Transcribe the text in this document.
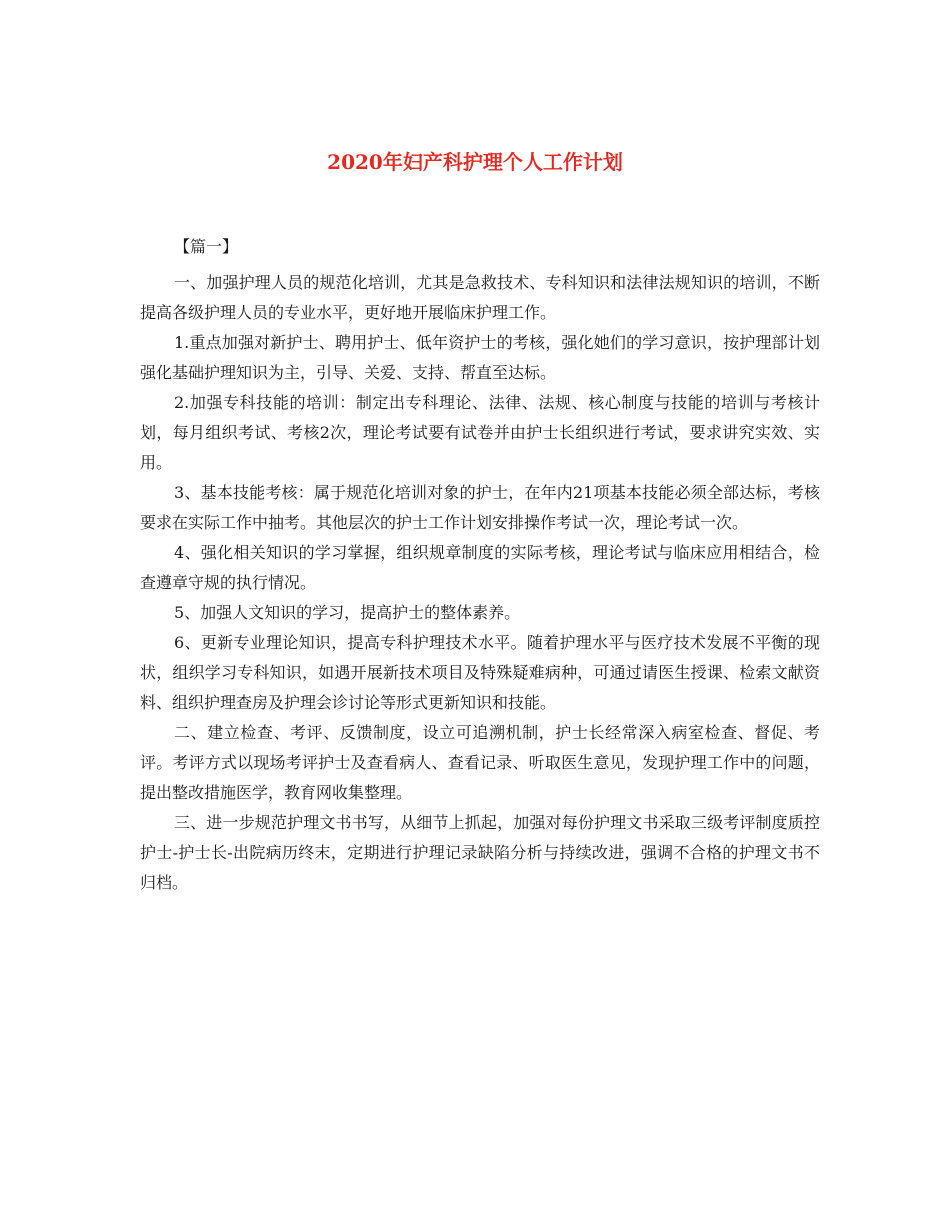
2020年妇产科护理个人工作计划

【篇一】

一、加强护理人员的规范化培训，尤其是急救技术、专科知识和法律法规知识的培训，不断提高各级护理人员的专业水平，更好地开展临床护理工作。

1.重点加强对新护士、聘用护士、低年资护士的考核，强化她们的学习意识，按护理部计划强化基础护理知识为主，引导、关爱、支持、帮直至达标。

2.加强专科技能的培训：制定出专科理论、法律、法规、核心制度与技能的培训与考核计划，每月组织考试、考核2次，理论考试要有试卷并由护士长组织进行考试，要求讲究实效、实用。

3、基本技能考核：属于规范化培训对象的护士，在年内21项基本技能必须全部达标，考核要求在实际工作中抽考。其他层次的护士工作计划安排操作考试一次，理论考试一次。

4、强化相关知识的学习掌握，组织规章制度的实际考核，理论考试与临床应用相结合，检查遵章守规的执行情况。

5、加强人文知识的学习，提高护士的整体素养。

6、更新专业理论知识，提高专科护理技术水平。随着护理水平与医疗技术发展不平衡的现状，组织学习专科知识，如遇开展新技术项目及特殊疑难病种，可通过请医生授课、检索文献资料、组织护理查房及护理会诊讨论等形式更新知识和技能。

二、建立检查、考评、反馈制度，设立可追溯机制，护士长经常深入病室检查、督促、考评。考评方式以现场考评护士及查看病人、查看记录、听取医生意见，发现护理工作中的问题，提出整改措施医学，教育网收集整理。

三、进一步规范护理文书书写，从细节上抓起，加强对每份护理文书采取三级考评制度质控护士-护士长-出院病历终末，定期进行护理记录缺陷分析与持续改进，强调不合格的护理文书不归档。
